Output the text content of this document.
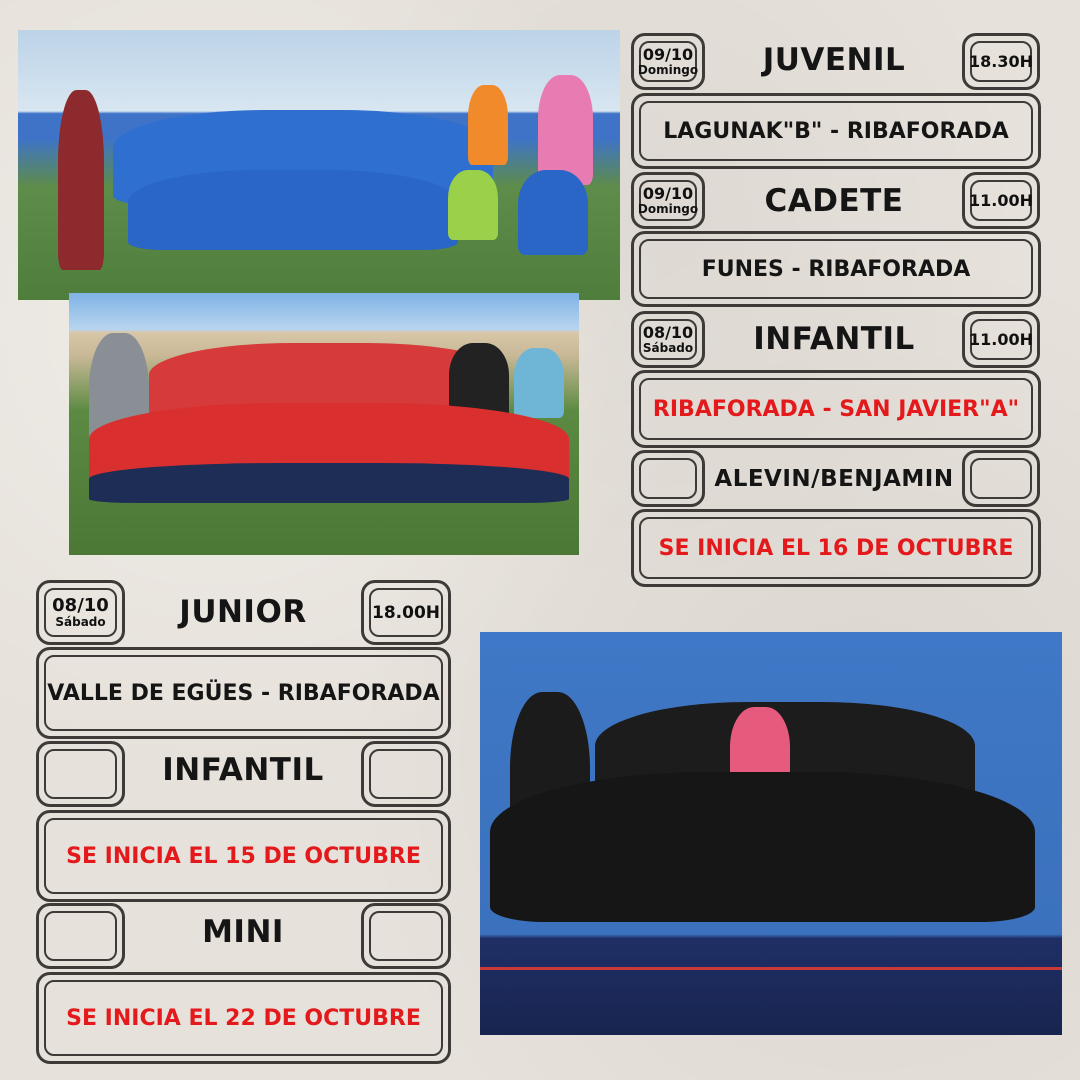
09/10
Domingo	JUVENIL	18.30H
LAGUNAK"B" - RIBAFORADA
09/10
Domingo	CADETE	11.00H
FUNES - RIBAFORADA
08/10
Sábado	INFANTIL	11.00H
RIBAFORADA - SAN JAVIER"A"
ALEVIN/BENJAMIN
SE INICIA EL 16 DE OCTUBRE
08/10
Sábado	JUNIOR	18.00H
VALLE DE EGÜES - RIBAFORADA
INFANTIL
SE INICIA EL 15 DE OCTUBRE
MINI
SE INICIA EL 22 DE OCTUBRE
